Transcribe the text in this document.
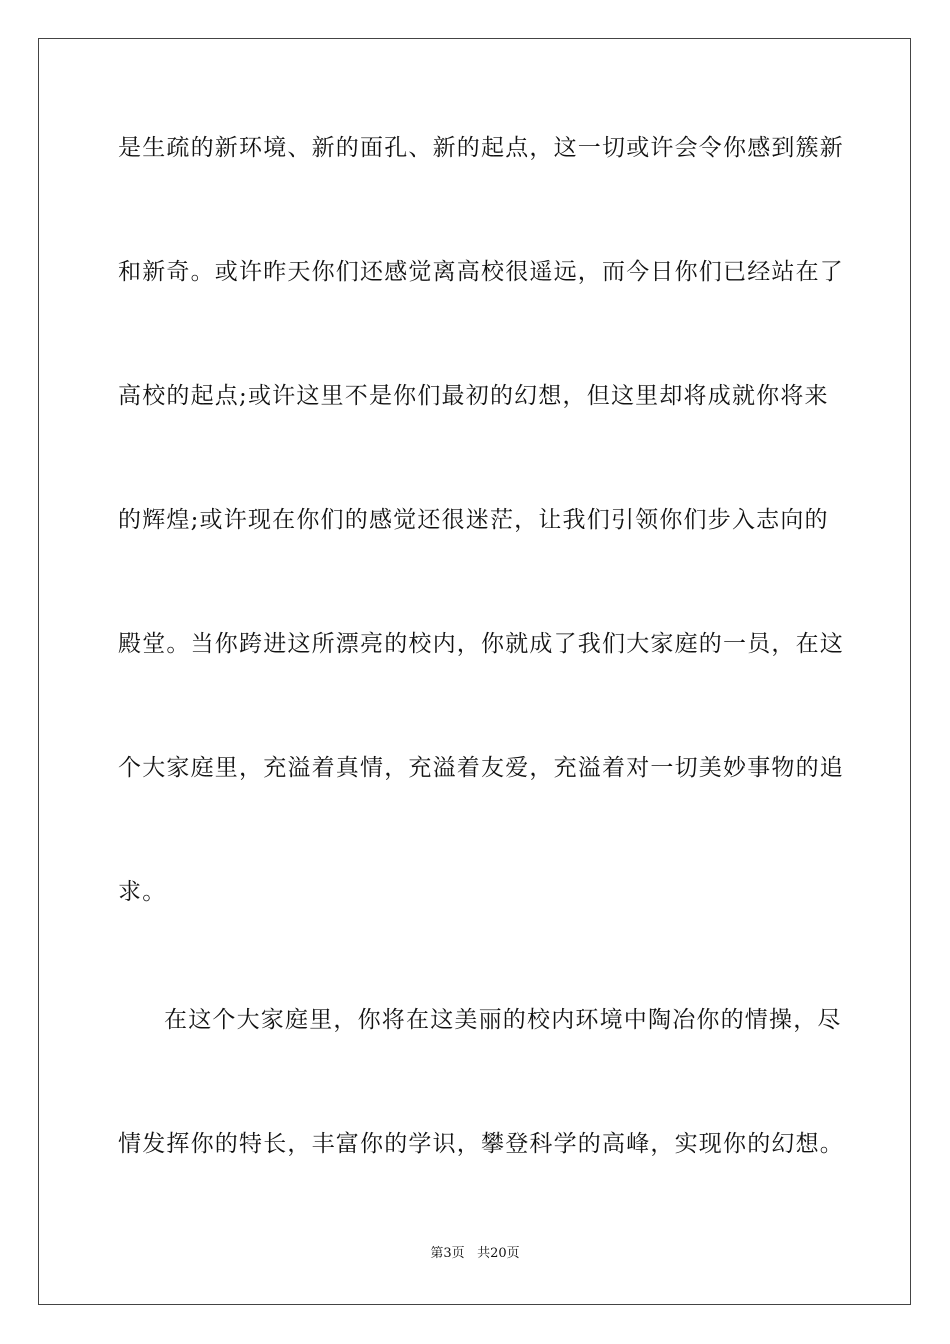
是生疏的新环境、新的面孔、新的起点，这一切或许会令你感到簇新
和新奇。或许昨天你们还感觉离高校很遥远，而今日你们已经站在了
高校的起点;或许这里不是你们最初的幻想，但这里却将成就你将来
的辉煌;或许现在你们的感觉还很迷茫，让我们引领你们步入志向的
殿堂。当你跨进这所漂亮的校内，你就成了我们大家庭的一员，在这
个大家庭里，充溢着真情，充溢着友爱，充溢着对一切美妙事物的追
求。
在这个大家庭里，你将在这美丽的校内环境中陶冶你的情操，尽
情发挥你的特长，丰富你的学识，攀登科学的高峰，实现你的幻想。
第3页 共20页
